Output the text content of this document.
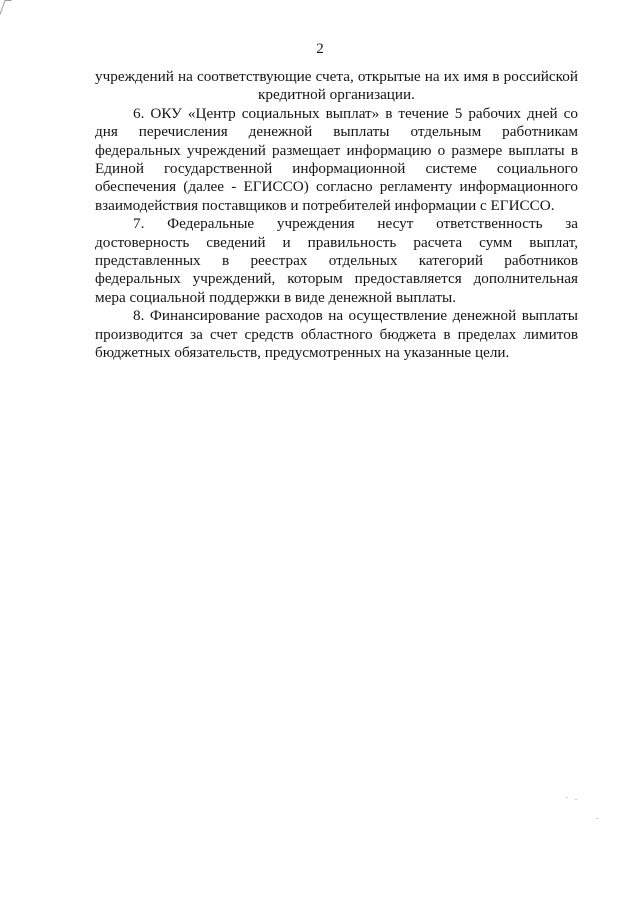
2

учреждений на соответствующие счета, открытые на их имя в российской кредитной организации.

6. ОКУ «Центр социальных выплат» в течение 5 рабочих дней со дня перечисления денежной выплаты отдельным работникам федеральных учреждений размещает информацию о размере выплаты в Единой государственной информационной системе социального обеспечения (далее - ЕГИССО) согласно регламенту информационного взаимодействия поставщиков и потребителей информации с ЕГИССО.

7. Федеральные учреждения несут ответственность за достоверность сведений и правильность расчета сумм выплат, представленных в реестрах отдельных категорий работников федеральных учреждений, которым предоставляется дополнительная мера социальной поддержки в виде денежной выплаты.

8. Финансирование расходов на осуществление денежной выплаты производится за счет средств областного бюджета в пределах лимитов бюджетных обязательств, предусмотренных на указанные цели.
